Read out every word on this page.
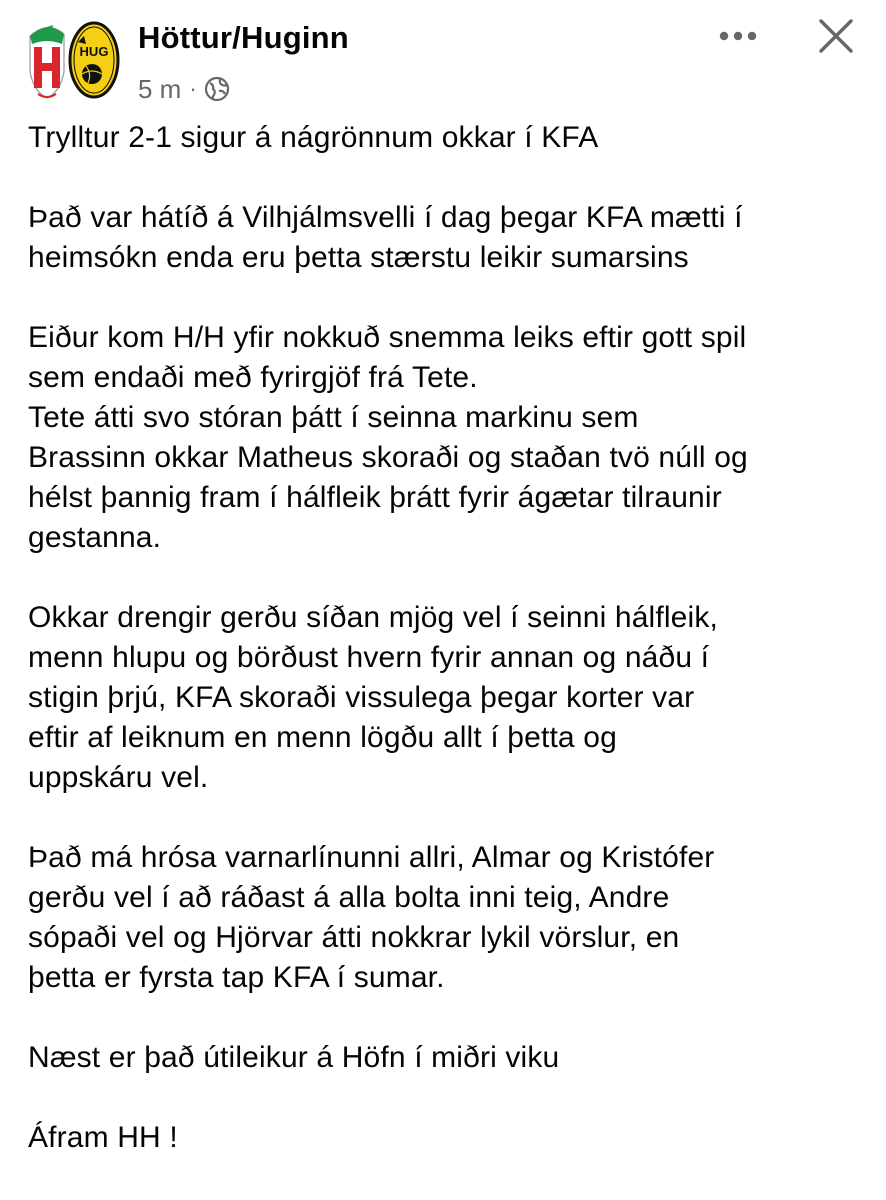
HUG Höttur/Huginn
5 m ·

Trylltur 2-1 sigur á nágrönnum okkar í KFA

Það var hátíð á Vilhjálmsvelli í dag þegar KFA mætti í
heimsókn enda eru þetta stærstu leikir sumarsins

Eiður kom H/H yfir nokkuð snemma leiks eftir gott spil
sem endaði með fyrirgjöf frá Tete.
Tete átti svo stóran þátt í seinna markinu sem
Brassinn okkar Matheus skoraði og staðan tvö núll og
hélst þannig fram í hálfleik þrátt fyrir ágætar tilraunir
gestanna.

Okkar drengir gerðu síðan mjög vel í seinni hálfleik,
menn hlupu og börðust hvern fyrir annan og náðu í
stigin þrjú, KFA skoraði vissulega þegar korter var
eftir af leiknum en menn lögðu allt í þetta og
uppskáru vel.

Það má hrósa varnarlínunni allri, Almar og Kristófer
gerðu vel í að ráðast á alla bolta inni teig, Andre
sópaði vel og Hjörvar átti nokkrar lykil vörslur, en
þetta er fyrsta tap KFA í sumar.

Næst er það útileikur á Höfn í miðri viku

Áfram HH !
